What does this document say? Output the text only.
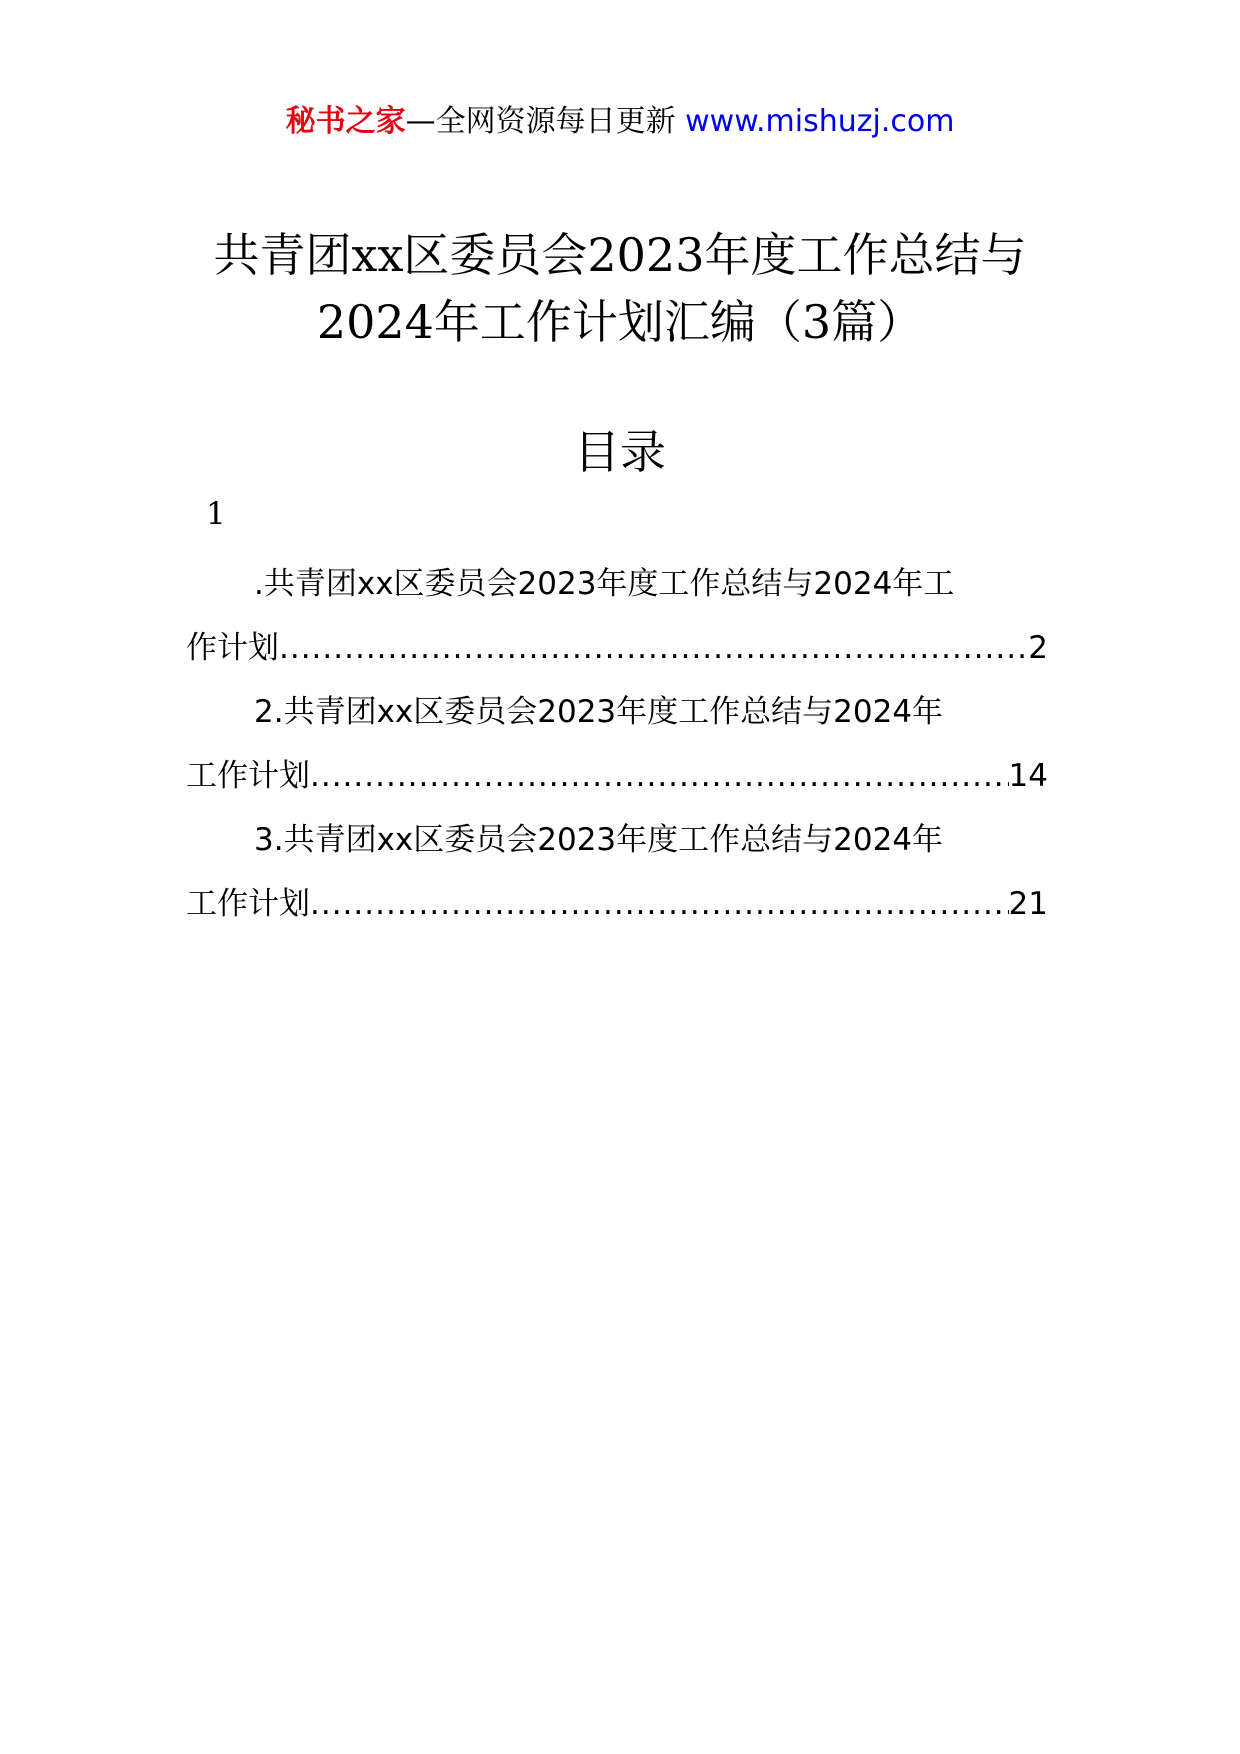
秘书之家—全网资源每日更新 www.mishuzj.com
共青团xx区委员会2023年度工作总结与
2024年工作计划汇编（3篇）
目录
1
.共青团xx区委员会2023年度工作总结与2024年工
作计划 .....	2
2.共青团xx区委员会2023年度工作总结与2024年
工作计划 .....	14
3.共青团xx区委员会2023年度工作总结与2024年
工作计划 .....	21
